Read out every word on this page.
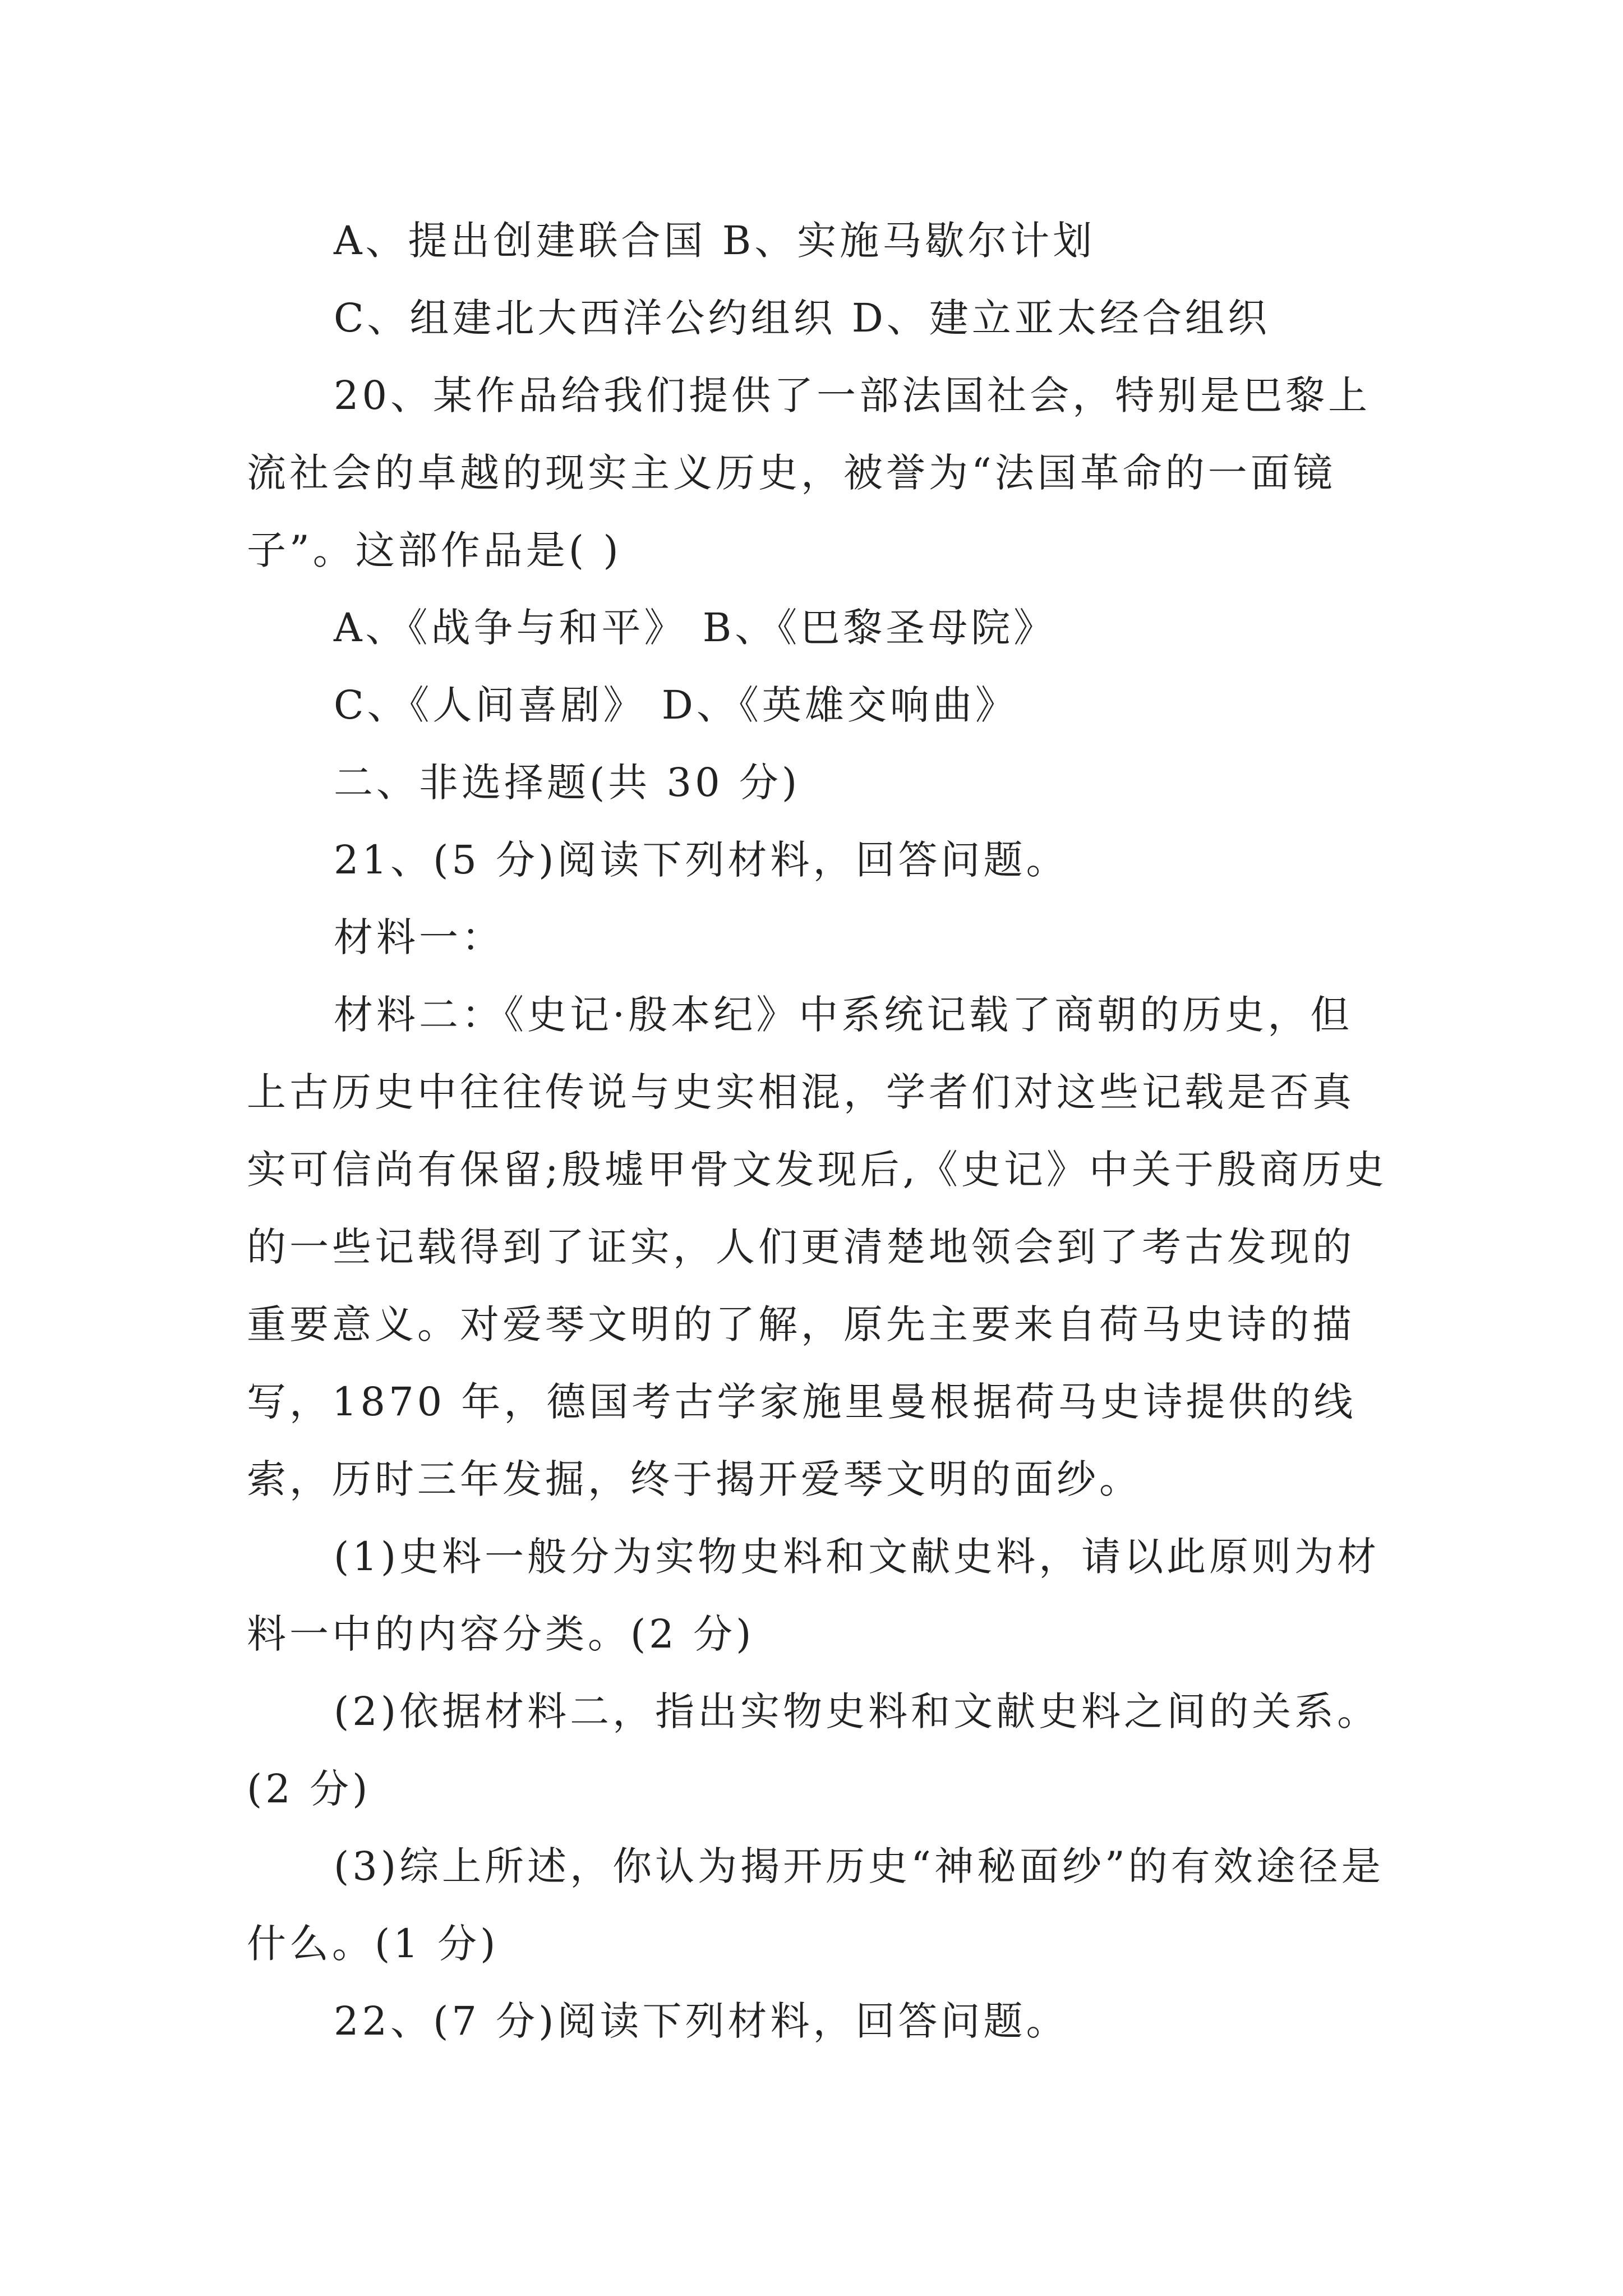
A、提出创建联合国 B、实施马歇尔计划

C、组建北大西洋公约组织 D、建立亚太经合组织

20、某作品给我们提供了一部法国社会，特别是巴黎上流社会的卓越的现实主义历史，被誉为“法国革命的一面镜子”。这部作品是( )

A、《战争与和平》 B、《巴黎圣母院》

C、《人间喜剧》 D、《英雄交响曲》

二、非选择题(共 30 分)

21、(5 分)阅读下列材料，回答问题。

材料一：

材料二：《史记·殷本纪》中系统记载了商朝的历史，但上古历史中往往传说与史实相混，学者们对这些记载是否真实可信尚有保留;殷墟甲骨文发现后,《史记》中关于殷商历史的一些记载得到了证实，人们更清楚地领会到了考古发现的重要意义。对爱琴文明的了解，原先主要来自荷马史诗的描写，1870 年，德国考古学家施里曼根据荷马史诗提供的线索，历时三年发掘，终于揭开爱琴文明的面纱。

(1)史料一般分为实物史料和文献史料，请以此原则为材料一中的内容分类。(2 分)

(2)依据材料二，指出实物史料和文献史料之间的关系。(2 分)

(3)综上所述，你认为揭开历史“神秘面纱”的有效途径是什么。(1 分)

22、(7 分)阅读下列材料，回答问题。
